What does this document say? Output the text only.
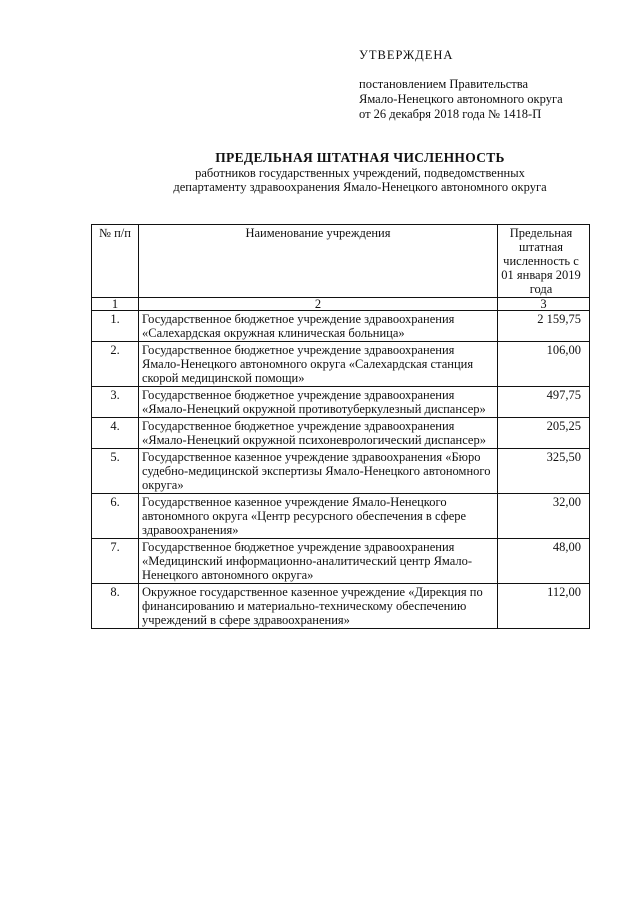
УТВЕРЖДЕНА
постановлением Правительства
Ямало-Ненецкого автономного округа
от 26 декабря 2018 года № 1418-П
ПРЕДЕЛЬНАЯ ШТАТНАЯ ЧИСЛЕННОСТЬ
работников государственных учреждений, подведомственных
департаменту здравоохранения Ямало-Ненецкого автономного округа
№ п/п	Наименование учреждения	Предельная штатная численность с 01 января 2019 года
1	2	3
1.	Государственное бюджетное учреждение здравоохранения «Салехардская окружная клиническая больница»	2 159,75
2.	Государственное бюджетное учреждение здравоохранения Ямало-Ненецкого автономного округа «Салехардская станция скорой медицинской помощи»	106,00
3.	Государственное бюджетное учреждение здравоохранения «Ямало-Ненецкий окружной противотуберкулезный диспансер»	497,75
4.	Государственное бюджетное учреждение здравоохранения «Ямало-Ненецкий окружной психоневрологический диспансер»	205,25
5.	Государственное казенное учреждение здравоохранения «Бюро судебно-медицинской экспертизы Ямало-Ненецкого автономного округа»	325,50
6.	Государственное казенное учреждение Ямало-Ненецкого автономного округа «Центр ресурсного обеспечения в сфере здравоохранения»	32,00
7.	Государственное бюджетное учреждение здравоохранения «Медицинский информационно-аналитический центр Ямало-Ненецкого автономного округа»	48,00
8.	Окружное государственное казенное учреждение «Дирекция по финансированию и материально-техническому обеспечению учреждений в сфере здравоохранения»	112,00
